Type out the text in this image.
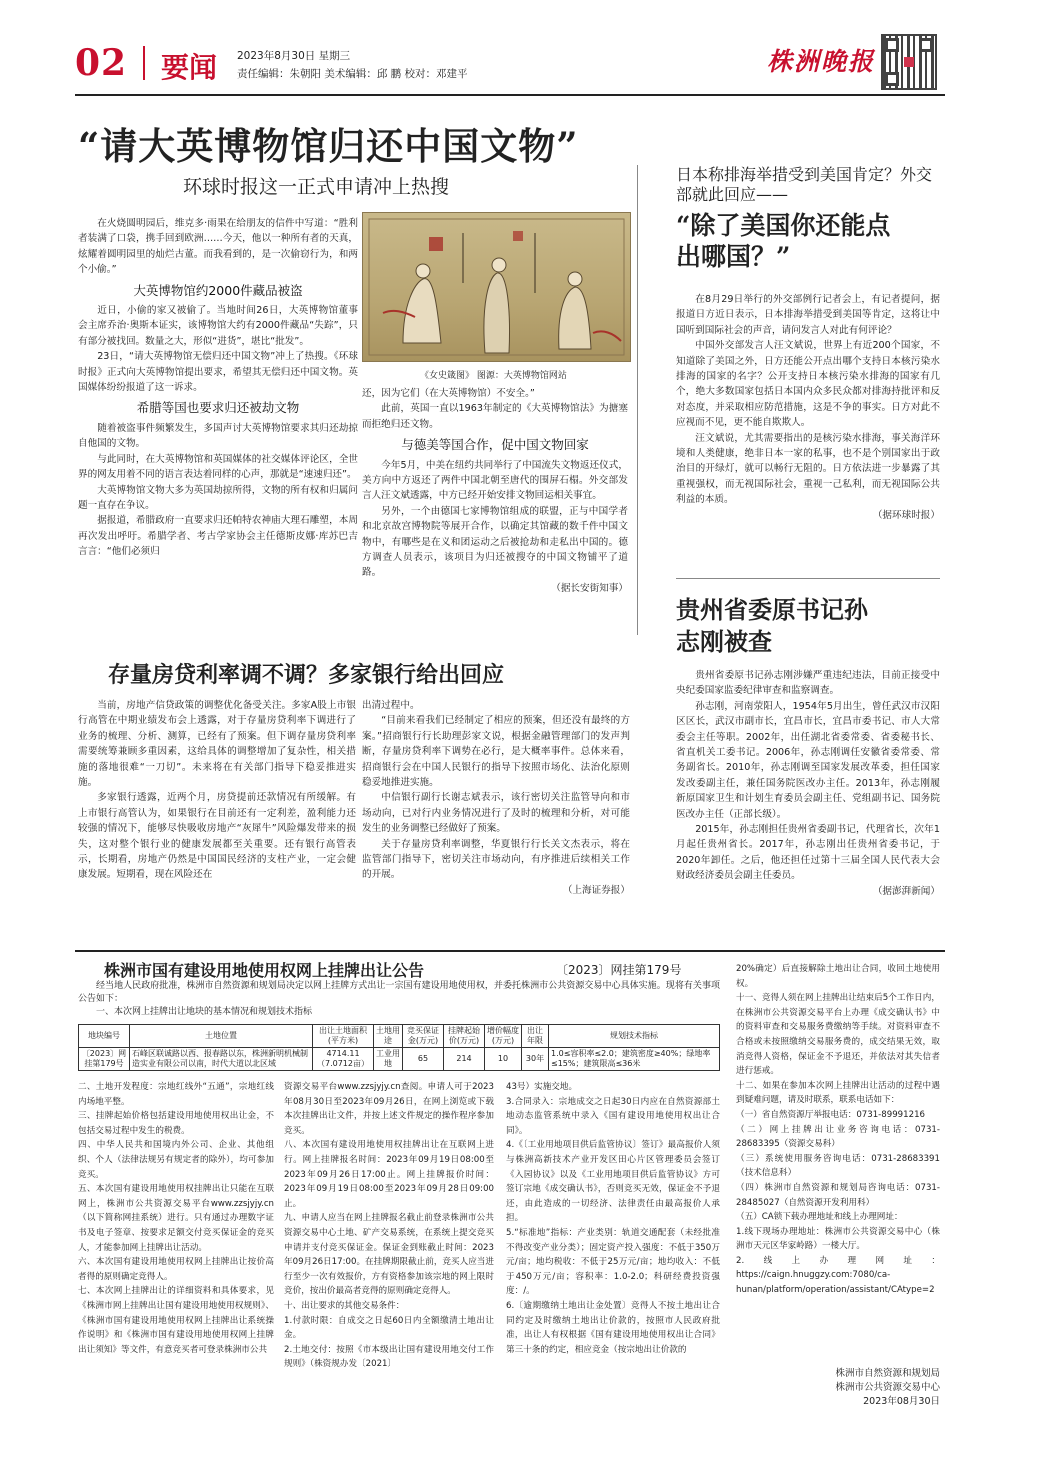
02 要闻 2023年8月30日 星期三
责任编辑：朱朝阳 美术编辑：邱 鹏 校对：邓建平	株洲晚报
“请大英博物馆归还中国文物”
环球时报这一正式申请冲上热搜

在火烧圆明园后，维克多·雨果在给朋友的信件中写道：“胜利者装满了口袋，携手回到欧洲……今天，他以一种所有者的天真，炫耀着圆明园里的灿烂古董。而我看到的，是一次偷窃行为，和两个小偷。”

大英博物馆约2000件藏品被盗

近日，小偷的家又被偷了。当地时间26日，大英博物馆董事会主席乔治·奥斯本证实，该博物馆大约有2000件藏品“失踪”，只有部分被找回。数量之大，形似“进货”，堪比“批发”。

23日，“请大英博物馆无偿归还中国文物”冲上了热搜。《环球时报》正式向大英博物馆提出要求，希望其无偿归还中国文物。英国媒体纷纷报道了这一诉求。

希腊等国也要求归还被劫文物

随着被盗事件频繁发生，多国声讨大英博物馆要求其归还劫掠自他国的文物。

与此同时，在大英博物馆和英国媒体的社交媒体评论区，全世界的网友用着不同的语言表达着同样的心声，那就是“速速归还”。

大英博物馆文物大多为英国劫掠所得，文物的所有权和归属问题一直存在争议。

据报道，希腊政府一直要求归还帕特农神庙大理石雕塑，本周再次发出呼吁。希腊学者、考古学家协会主任德斯皮娜·库苏巴吉言言：“他们必须归

《女史箴图》 图源：大英博物馆网站

还，因为它们（在大英博物馆）不安全。”

此前，英国一直以1963年制定的《大英博物馆法》为搪塞而拒绝归还文物。

与德美等国合作，促中国文物回家

今年5月，中美在纽约共同举行了中国流失文物返还仪式，美方向中方返还了两件中国北朝至唐代的围屏石榻。外交部发言人汪文斌透露，中方已经开始安排文物回运相关事宜。

另外，一个由德国七家博物馆组成的联盟，正与中国学者和北京故宫博物院等展开合作，以确定其馆藏的数千件中国文物中，有哪些是在义和团运动之后被抢劫和走私出中国的。德方调查人员表示，该项目为归还被搜夺的中国文物铺平了道路。

（据长安街知事）
日本称排海举措受到美国肯定？外交部就此回应——
“除了美国你还能点出哪国？”

在8月29日举行的外交部例行记者会上，有记者提问，据报道日方近日表示，日本排海举措受到美国等肯定，这将让中国听到国际社会的声音，请问发言人对此有何评论？

中国外交部发言人汪文斌说，世界上有近200个国家，不知道除了美国之外，日方还能公开点出哪个支持日本核污染水排海的国家的名字？公开支持日本核污染水排海的国家有几个，绝大多数国家包括日本国内众多民众都对排海持批评和反对态度，并采取相应防范措施，这是不争的事实。日方对此不应视而不见，更不能自欺欺人。

汪文斌说，尤其需要指出的是核污染水排海，事关海洋环境和人类健康，绝非日本一家的私事，也不是个别国家出于政治目的开绿灯，就可以畅行无阻的。日方依法进一步暴露了其重视强权，而无视国际社会，重视一己私利，而无视国际公共利益的本质。

（据环球时报）
贵州省委原书记孙志刚被查

贵州省委原书记孙志刚涉嫌严重违纪违法，目前正接受中央纪委国家监委纪律审查和监察调查。

孙志刚，河南荥阳人，1954年5月出生，曾任武汉市汉阳区区长，武汉市副市长，宜昌市长，宜昌市委书记、市人大常委会主任等职。2002年，出任湖北省委常委、省委秘书长、省直机关工委书记。2006年，孙志刚调任安徽省委常委、常务副省长。2010年，孙志刚调至国家发展改革委，担任国家发改委副主任，兼任国务院医改办主任。2013年，孙志刚履新原国家卫生和计划生育委员会副主任、党组副书记、国务院医改办主任（正部长级）。

2015年，孙志刚担任贵州省委副书记，代理省长，次年1月起任贵州省长。2017年，孙志刚出任贵州省委书记，于2020年卸任。之后，他还担任过第十三届全国人民代表大会财政经济委员会副主任委员。

（据澎湃新闻）
存量房贷利率调不调？多家银行给出回应

当前，房地产信贷政策的调整优化备受关注。多家A股上市银行高管在中期业绩发布会上透露，对于存量房贷利率下调进行了业务的梳理、分析、测算，已经有了预案。但下调存量房贷利率需要统筹兼顾多重因素，这给具体的调整增加了复杂性，相关措施的落地很难“一刀切”。未来将在有关部门指导下稳妥推进实施。

多家银行透露，近两个月，房贷提前还款情况有所缓解。有上市银行高管认为，如果银行在目前还有一定利差，盈利能力还较强的情况下，能够尽快吸收房地产“灰犀牛”风险爆发带来的损失，这对整个银行业的健康发展都至关重要。还有银行高管表示，长期看，房地产仍然是中国国民经济的支柱产业，一定会健康发展。短期看，现在风险还在

出清过程中。

“目前来看我们已经制定了相应的预案，但还没有最终的方案。”招商银行行长助理彭家文说，根据金融管理部门的发声判断，存量房贷利率下调势在必行，是大概率事件。总体来看，招商银行会在中国人民银行的指导下按照市场化、法治化原则稳妥地推进实施。

中信银行副行长谢志斌表示，该行密切关注监管导向和市场动向，已对行内业务情况进行了及时的梳理和分析，对可能发生的业务调整已经做好了预案。

关于存量房贷利率调整，华夏银行行长关文杰表示，将在监管部门指导下，密切关注市场动向，有序推进后续相关工作的开展。

（上海证券报）
株洲市国有建设用地使用权网上挂牌出让公告	〔2023〕网挂第179号

经当地人民政府批准，株洲市自然资源和规划局决定以网上挂牌方式出让一宗国有建设用地使用权，并委托株洲市公共资源交易中心具体实施。现将有关事项公告如下：

一、本次网上挂牌出让地块的基本情况和规划技术指标

地块编号	土地位置	出让土地面积(平方米)	土地用途	竞买保证金(万元)	挂牌起始价(万元)	增价幅度(万元)	出让年限	规划技术指标
〔2023〕网挂第179号	石峰区联诚路以西、报春路以东，株洲新明机械制造实业有限公司以南，时代大道以北区域	4714.11（7.0712亩）	工业用地	65	214	10	30年	1.0≤容积率≤2.0；建筑密度≥40%；绿地率≤15%；建筑限高≤36米
二、土地开发程度：宗地红线外“五通”，宗地红线内场地平整。
三、挂牌起始价格包括建设用地使用权出让金，不包括交易过程中发生的税费。
四、中华人民共和国境内外公司、企业、其他组织、个人（法律法规另有规定者的除外），均可参加竞买。
五、本次国有建设用地使用权挂牌出让只能在互联网上，株洲市公共资源交易平台www.zzsjyjy.cn（以下简称网挂系统）进行。只有通过办理数字证书及电子签章、按要求足额交付竞买保证金的竞买人，才能参加网上挂牌出让活动。
六、本次国有建设用地使用权网上挂牌出让按价高者得的原则确定竞得人。
七、本次网上挂牌出让的详细资料和具体要求，见《株洲市网上挂牌出让国有建设用地使用权规则》、《株洲市国有建设用地使用权网上挂牌出让系统操作说明》和《株洲市国有建设用地使用权网上挂牌出让须知》等文件，有意竞买者可登录株洲市公共
资源交易平台www.zzsjyjy.cn查阅。申请人可于2023年08月30日至2023年09月26日，在网上浏览或下载本次挂牌出让文件，并按上述文件规定的操作程序参加竞买。
八、本次国有建设用地使用权挂牌出让在互联网上进行。网上挂牌报名时间：2023年09月19日08:00至2023年09月26日17:00止。网上挂牌报价时间：2023年09月19日08:00至2023年09月28日09:00止。
九、申请人应当在网上挂牌报名截止前登录株洲市公共资源交易中心土地、矿产交易系统，在系统上提交竞买申请并支付竞买保证金。保证金到账截止时间：2023年09月26日17:00。在挂牌期限截止前，竞买人应当进行至少一次有效报价，方有资格参加该宗地的网上限时竞价，按出价最高者竞得的原则确定竞得人。
十、出让要求的其他交易条件：
1.付款时限：自成交之日起60日内全额缴清土地出让金。
2.土地交付：按照《市本级出让国有建设用地交付工作规则》（株资规办发〔2021〕
43号）实施交地。
3.合同录入：宗地成交之日起30日内应在自然资源部土地动态监管系统中录入《国有建设用地使用权出让合同》。
4.《〔工业用地项目供后监管协议〕签订》最高报价人须与株洲高新技术产业开发区田心片区管理委员会签订《入园协议》以及《工业用地项目供后监管协议》方可签订宗地《成交确认书》，否则竞买无效，保证金不予退还，由此造成的一切经济、法律责任由最高报价人承担。
5.“标准地”指标：产业类别：轨道交通配套（未经批准不得改变产业分类）；固定资产投入强度：不低于350万元/亩；地均税收：不低于25万元/亩；地均收入：不低于450万元/亩；容积率：1.0-2.0；科研经费投资强度：/。
6.〔逾期缴纳土地出让金处置〕竞得人不按土地出让合同约定及时缴纳土地出让价款的，按照市人民政府批准，出让人有权根据《国有建设用地使用权出让合同》第三十条的约定，相应竞金（按宗地出让价款的
20%确定）后直接解除土地出让合同，收回土地使用权。
十一、竞得人须在网上挂牌出让结束后5个工作日内，在株洲市公共资源交易平台上办理《成交确认书》中的资料审查和交易服务费缴纳等手续。对资料审查不合格或未按照缴纳交易服务费的，成交结果无效，取消竞得人资格，保证金不予退还，并依法对其失信者进行惩戒。
十二、如果在参加本次网上挂牌出让活动的过程中遇到疑难问题，请及时联系，联系电话如下：
（一）省自然资源厅举报电话：0731-89991216
（二）网上挂牌出让业务咨询电话：0731-28683395（资源交易科）
（三）系统使用服务咨询电话：0731-28683391（技术信息科）
（四）株洲市自然资源和规划局咨询电话：0731-28485027（自然资源开发利用科）
（五）CA锁下载办理地址和线上办理网址：
1.线下现场办理地址：株洲市公共资源交易中心（株洲市天元区华家岭路）一楼大厅。
2.线上办理网址：https://caign.hnuggzy.com:7080/ca-hunan/platform/operation/assistant/CAtype=2
株洲市自然资源和规划局
株洲市公共资源交易中心
2023年08月30日
